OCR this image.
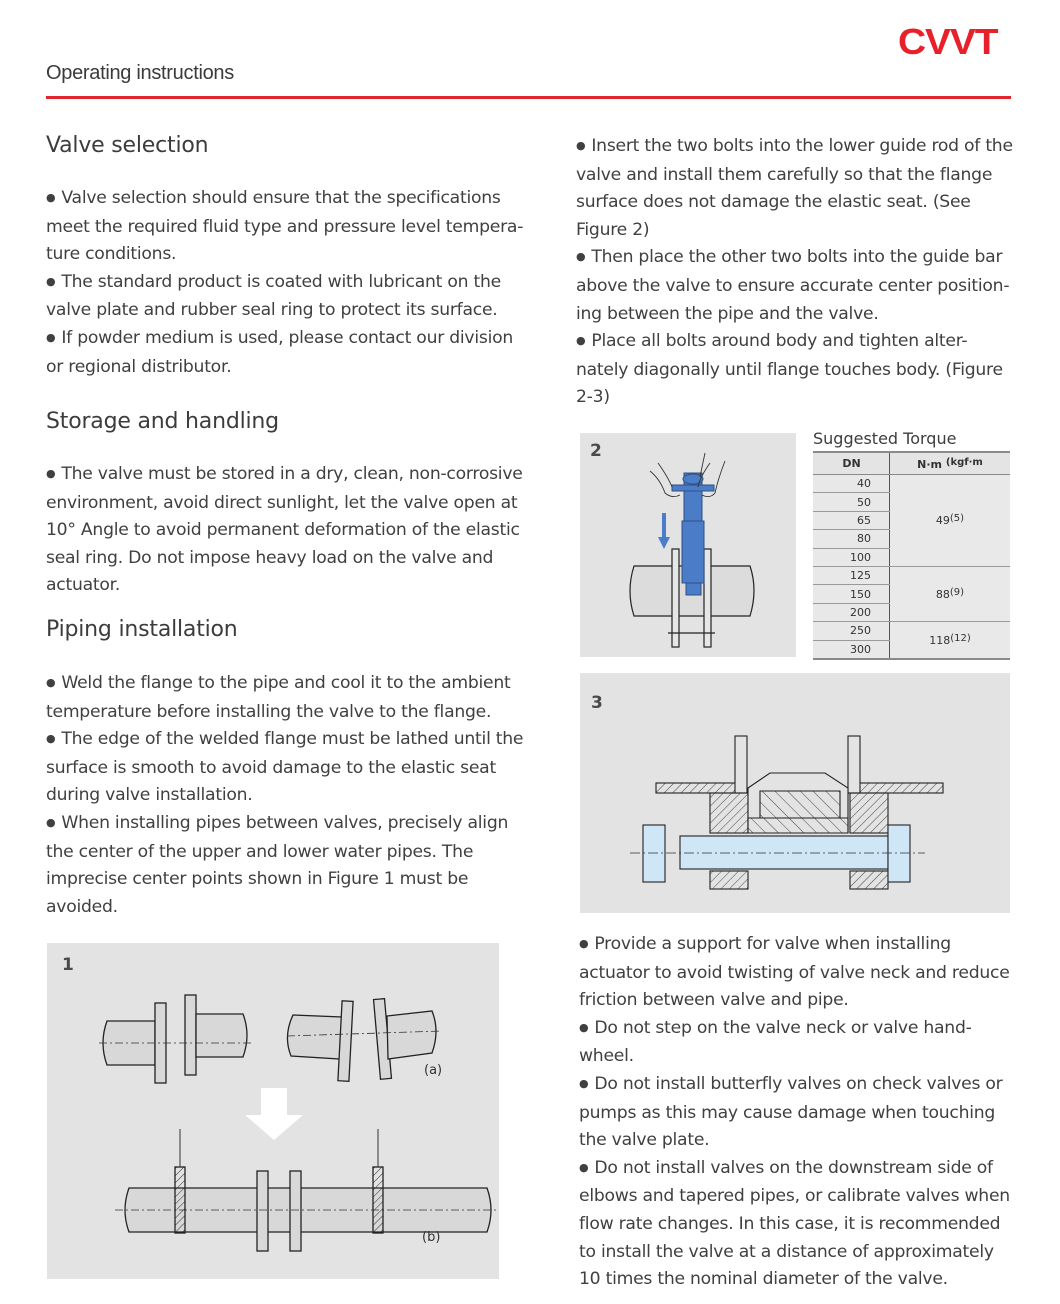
CVVT
Operating instructions
Valve selection

● Valve selection should ensure that the specifications meet the required fluid type and pressure level tempera-ture conditions.

● The standard product is coated with lubricant on the valve plate and rubber seal ring to protect its surface.

● If powder medium is used, please contact our division or regional distributor.

Storage and handling

● The valve must be stored in a dry, clean, non-corrosive environment, avoid direct sunlight, let the valve open at 10° Angle to avoid permanent deformation of the elastic seal ring. Do not impose heavy load on the valve and actuator.

Piping installation

● Weld the flange to the pipe and cool it to the ambient temperature before installing the valve to the flange.

● The edge of the welded flange must be lathed until the surface is smooth to avoid damage to the elastic seat during valve installation.

● When installing pipes between valves, precisely align the center of the upper and lower water pipes. The imprecise center points shown in Figure 1 must be avoided.

1
(a)
(b)

● Insert the two bolts into the lower guide rod of the valve and install them carefully so that the flange surface does not damage the elastic seat. (See Figure 2)

● Then place the other two bolts into the guide bar above the valve to ensure accurate center position-ing between the pipe and the valve.

● Place all bolts around body and tighten alter-nately diagonally until flange touches body. (Figure 2-3)

2
Suggested Torque
DN	N·m $^{(kgf\cdot m}$
40	49$^{(5)}$
50	
65	
80	
100	
125	88$^{(9)}$
150	
200	
250	118$^{(12)}$
300	
3

● Provide a support for valve when installing actuator to avoid twisting of valve neck and reduce friction between valve and pipe.

● Do not step on the valve neck or valve hand-wheel.

● Do not install butterfly valves on check valves or pumps as this may cause damage when touching the valve plate.

● Do not install valves on the downstream side of elbows and tapered pipes, or calibrate valves when flow rate changes. In this case, it is recommended to install the valve at a distance of approximately 10 times the nominal diameter of the valve.
